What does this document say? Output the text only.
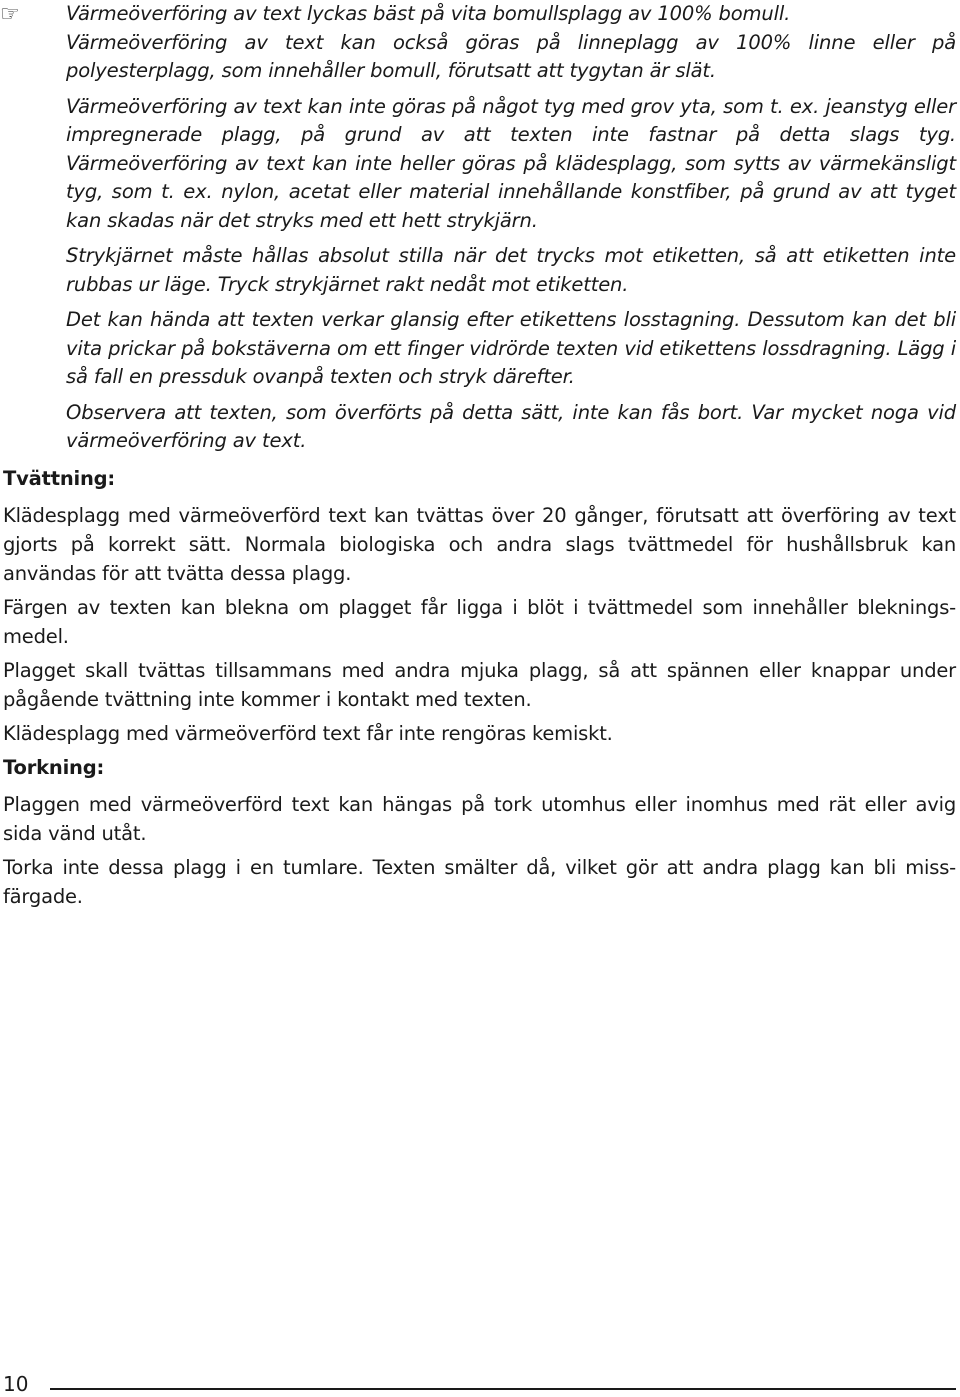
☞ Värmeöverföring av text lyckas bäst på vita bomullsplagg av 100% bomull.

Värmeöverföring av text kan också göras på linneplagg av 100% linne eller på polyesterplagg, som innehåller bomull, förutsatt att tygytan är slät.

Värmeöverföring av text kan inte göras på något tyg med grov yta, som t. ex. jeanstyg eller impregnerade plagg, på grund av att texten inte fastnar på detta slags tyg. Värmeöverföring av text kan inte heller göras på klädesplagg, som sytts av värmekänsligt tyg, som t. ex. nylon, acetat eller material innehållande konstfiber, på grund av att tyget kan skadas när det stryks med ett hett strykjärn.

Strykjärnet måste hållas absolut stilla när det trycks mot etiketten, så att etiketten inte rubbas ur läge. Tryck strykjärnet rakt nedåt mot etiketten.

Det kan hända att texten verkar glansig efter etikettens losstagning. Dessutom kan det bli vita prickar på bokstäverna om ett finger vidrörde texten vid etikettens lossdragning. Lägg i så fall en pressduk ovanpå texten och stryk därefter.

Observera att texten, som överförts på detta sätt, inte kan fås bort. Var mycket noga vid värmeöverföring av text.

Tvättning:

Klädesplagg med värmeöverförd text kan tvättas över 20 gånger, förutsatt att överföring av text gjorts på korrekt sätt. Normala biologiska och andra slags tvättmedel för hushållsbruk kan användas för att tvätta dessa plagg.

Färgen av texten kan blekna om plagget får ligga i blöt i tvättmedel som innehåller bleknings-medel.

Plagget skall tvättas tillsammans med andra mjuka plagg, så att spännen eller knappar under pågående tvättning inte kommer i kontakt med texten.

Klädesplagg med värmeöverförd text får inte rengöras kemiskt.

Torkning:

Plaggen med värmeöverförd text kan hängas på tork utomhus eller inomhus med rät eller avig sida vänd utåt.

Torka inte dessa plagg i en tumlare. Texten smälter då, vilket gör att andra plagg kan bli miss-färgade.

10
